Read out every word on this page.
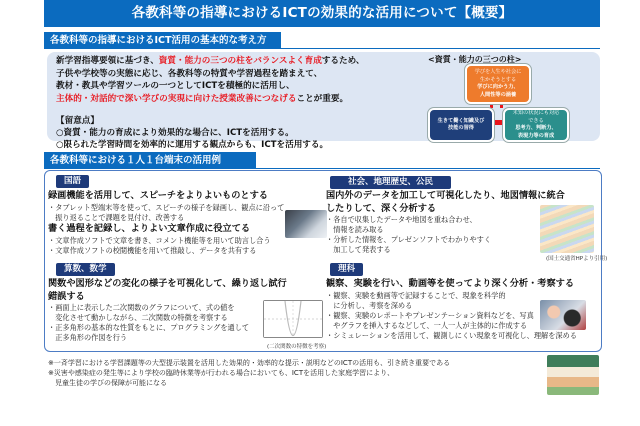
各教科等の指導におけるICTの効果的な活用について【概要】
各教科等の指導におけるICT活用の基本的な考え方
新学習指導要領に基づき、資質・能力の三つの柱をバランスよく育成するため、
子供や学校等の実態に応じ、各教科等の特質や学習過程を踏まえて、
教材・教具や学習ツールの一つとしてICTを積極的に活用し、
主体的・対話的で深い学びの実現に向けた授業改善につなげることが重要。
【留意点】
○資質・能力の育成により効果的な場合に、ICTを活用する。
○限られた学習時間を効率的に運用する観点からも、ICTを活用する。
<資質・能力の三つの柱>
学びを人生や社会に
生かそうとする
学びに向かう力、
人間性等の涵養
生きて働く知識及び
技能の習得
未知の状況にも対応
できる
思考力、判断力、
表現力等の育成
各教科等における１人１台端末の活用例
国語
録画機能を活用して、スピーチをよりよいものとする
・タブレット型端末等を使って、スピーチの様子を録画し、観点に沿って
　振り返ることで課題を見付け、改善する
書く過程を記録し、よりよい文章作成に役立てる
・文章作成ソフトで文章を書き、コメント機能等を用いて助言し合う
・文章作成ソフトの校閲機能を用いて推敲し、データを共有する
社会、地理歴史、公民
国内外のデータを加工して可視化したり、地図情報に統合
したりして、深く分析する
・各自で収集したデータや地図を重ね合わせ、
　情報を読み取る
・分析した情報を、プレゼンソフトでわかりやすく
　加工して発表する
(国土交通省HPより引用)
算数、数学
関数や図形などの変化の様子を可視化して、繰り返し試行
錯誤する
・画面上に表示した二次関数のグラフについて、式の値を
　変化させて動かしながら、二次関数の特徴を考察する
・正多角形の基本的な性質をもとに、プログラミングを通して
　正多角形の作図を行う
(二次関数の特徴を考察)
理科
観察、実験を行い、動画等を使ってより深く分析・考察する
・観察、実験を動画等で記録することで、現象を科学的
　に分析し、考察を深める
・観察、実験のレポートやプレゼンテーション資料などを、写真
　やグラフを挿入するなどして、一人一人が主体的に作成する
・シミュレーションを活用して、観測しにくい現象を可視化し、理解を深める
※一斉学習における学習課題等の大型提示装置を活用した効果的・効率的な提示・説明などのICTの活用も、引き続き重要である
※災害や感染症の発生等により学校の臨時休業等が行われる場合においても、ICTを活用した家庭学習により、
　児童生徒の学びの保障が可能になる
